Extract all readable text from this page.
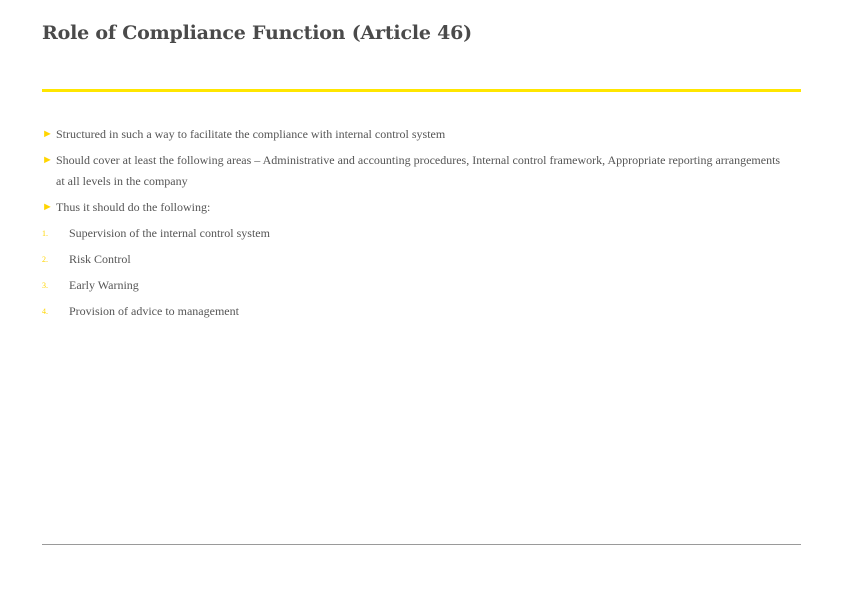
Role of Compliance Function (Article 46)
► Structured in such a way to facilitate the compliance with internal control system
► Should cover at least the following areas – Administrative and accounting procedures, Internal control framework, Appropriate reporting arrangements at all levels in the company
► Thus it should do the following:
1. Supervision of the internal control system
2. Risk Control
3. Early Warning
4. Provision of advice to management
